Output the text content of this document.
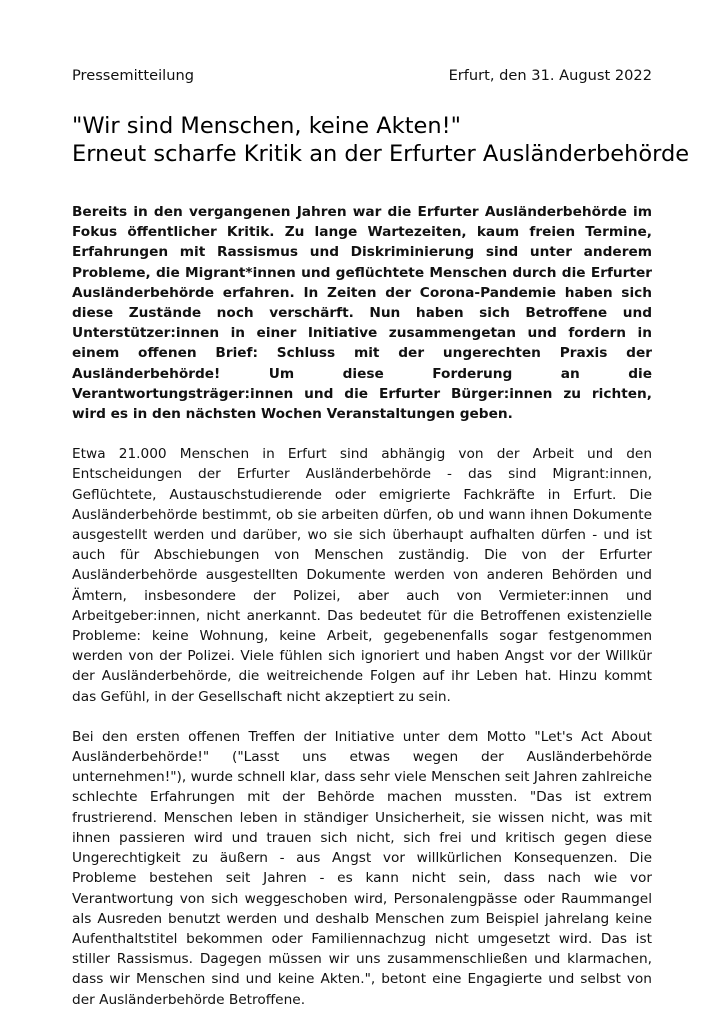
Pressemitteilung	Erfurt, den 31. August 2022
"Wir sind Menschen, keine Akten!"
Erneut scharfe Kritik an der Erfurter Ausländerbehörde

Bereits in den vergangenen Jahren war die Erfurter Ausländerbehörde im Fokus öffentlicher Kritik. Zu lange Wartezeiten, kaum freien Termine, Erfahrungen mit Rassismus und Diskriminierung sind unter anderem Probleme, die Migrant*innen und geflüchtete Menschen durch die Erfurter Ausländerbehörde erfahren. In Zeiten der Corona-Pandemie haben sich diese Zustände noch verschärft. Nun haben sich Betroffene und Unterstützer:innen in einer Initiative zusammengetan und fordern in einem offenen Brief: Schluss mit der ungerechten Praxis der Ausländerbehörde! Um diese Forderung an die Verantwortungsträger:innen und die Erfurter Bürger:innen zu richten, wird es in den nächsten Wochen Veranstaltungen geben.

Etwa 21.000 Menschen in Erfurt sind abhängig von der Arbeit und den Entscheidungen der Erfurter Ausländerbehörde - das sind Migrant:innen, Geflüchtete, Austauschstudierende oder emigrierte Fachkräfte in Erfurt. Die Ausländerbehörde bestimmt, ob sie arbeiten dürfen, ob und wann ihnen Dokumente ausgestellt werden und darüber, wo sie sich überhaupt aufhalten dürfen - und ist auch für Abschiebungen von Menschen zuständig. Die von der Erfurter Ausländerbehörde ausgestellten Dokumente werden von anderen Behörden und Ämtern, insbesondere der Polizei, aber auch von Vermieter:innen und Arbeitgeber:innen, nicht anerkannt. Das bedeutet für die Betroffenen existenzielle Probleme: keine Wohnung, keine Arbeit, gegebenenfalls sogar festgenommen werden von der Polizei. Viele fühlen sich ignoriert und haben Angst vor der Willkür der Ausländerbehörde, die weitreichende Folgen auf ihr Leben hat. Hinzu kommt das Gefühl, in der Gesellschaft nicht akzeptiert zu sein.

Bei den ersten offenen Treffen der Initiative unter dem Motto "Let's Act About Ausländerbehörde!" ("Lasst uns etwas wegen der Ausländerbehörde unternehmen!"), wurde schnell klar, dass sehr viele Menschen seit Jahren zahlreiche schlechte Erfahrungen mit der Behörde machen mussten. "Das ist extrem frustrierend. Menschen leben in ständiger Unsicherheit, sie wissen nicht, was mit ihnen passieren wird und trauen sich nicht, sich frei und kritisch gegen diese Ungerechtigkeit zu äußern - aus Angst vor willkürlichen Konsequenzen. Die Probleme bestehen seit Jahren - es kann nicht sein, dass nach wie vor Verantwortung von sich weggeschoben wird, Personalengpässe oder Raummangel als Ausreden benutzt werden und deshalb Menschen zum Beispiel jahrelang keine Aufenthaltstitel bekommen oder Familiennachzug nicht umgesetzt wird. Das ist stiller Rassismus. Dagegen müssen wir uns zusammenschließen und klarmachen, dass wir Menschen sind und keine Akten.", betont eine Engagierte und selbst von der Ausländerbehörde Betroffene.
